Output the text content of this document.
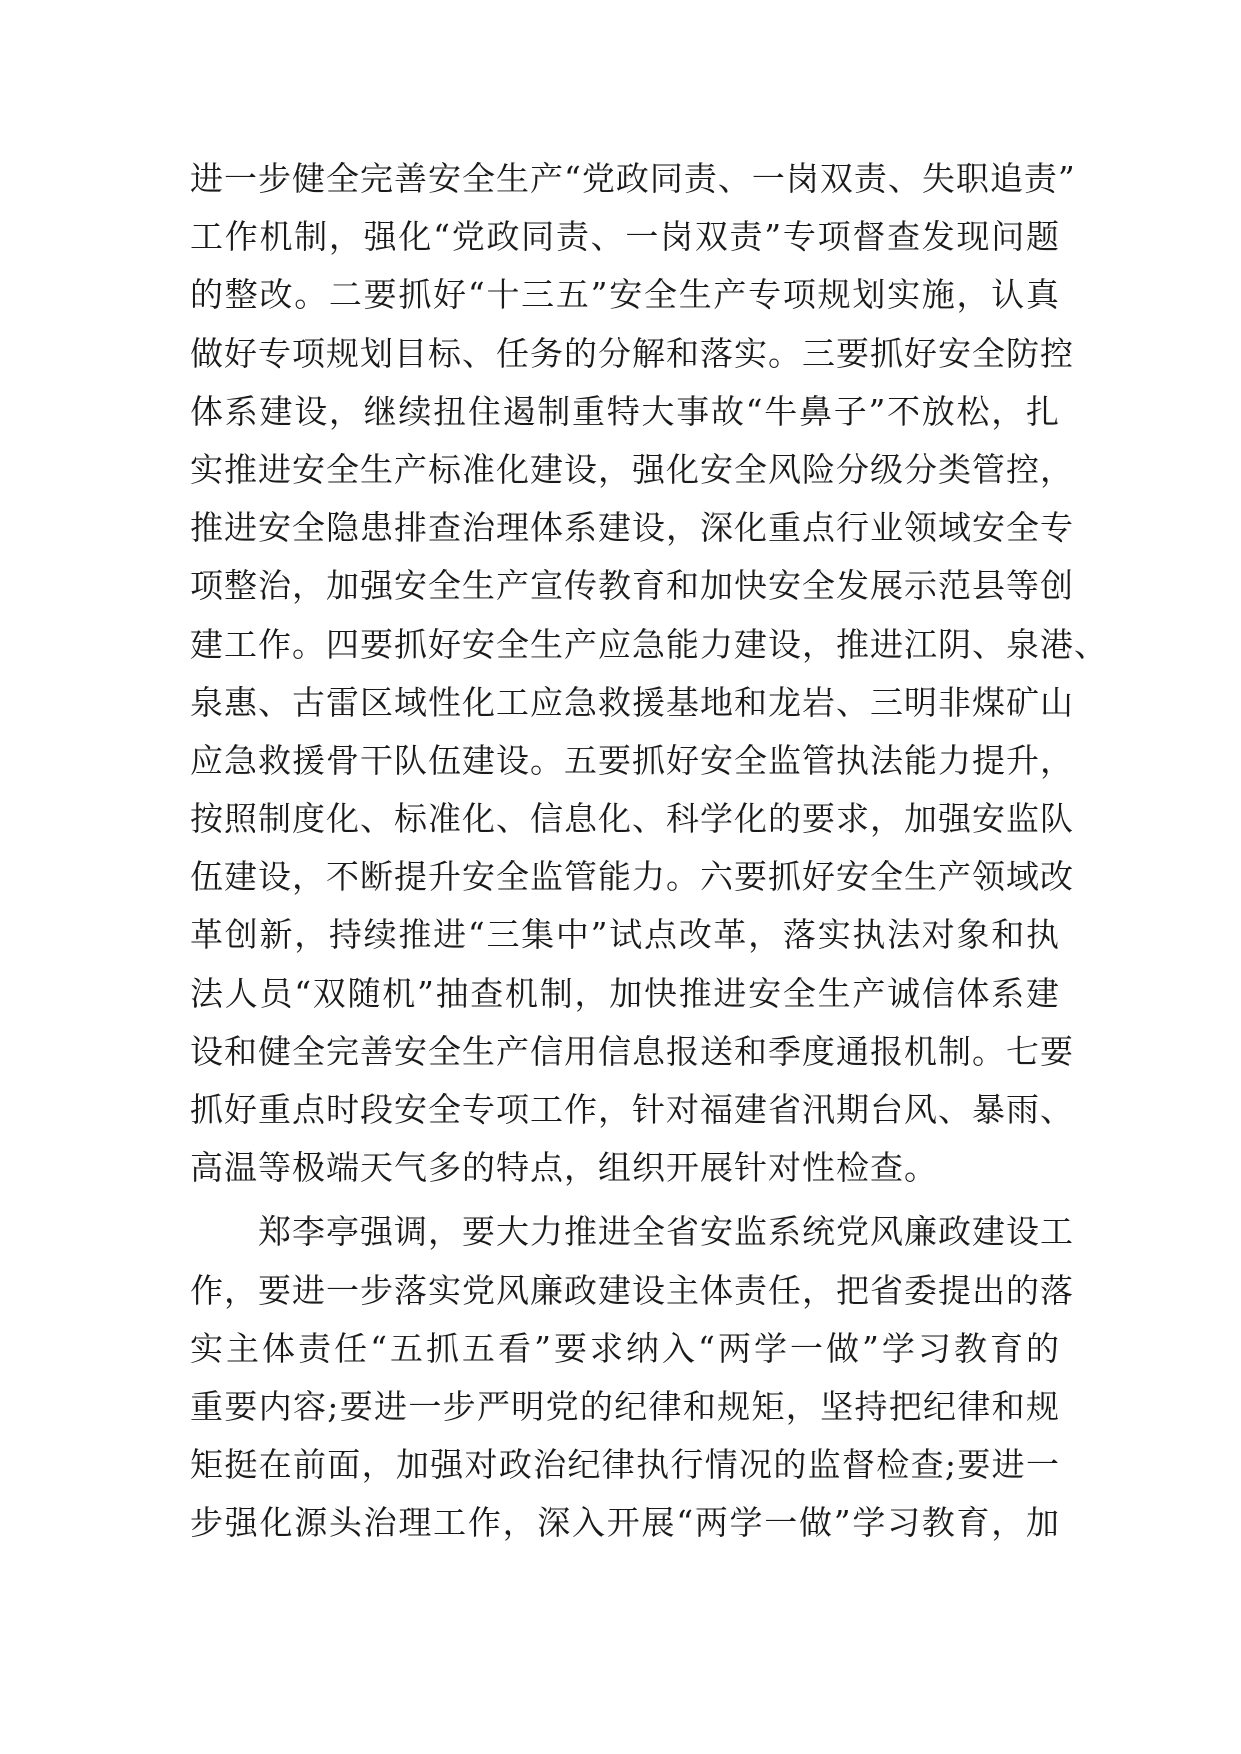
进一步健全完善安全生产“党政同责、一岗双责、失职追责”
工作机制，强化“党政同责、一岗双责”专项督查发现问题
的整改。二要抓好“十三五”安全生产专项规划实施，认真
做好专项规划目标、任务的分解和落实。三要抓好安全防控
体系建设，继续扭住遏制重特大事故“牛鼻子”不放松，扎
实推进安全生产标准化建设，强化安全风险分级分类管控，
推进安全隐患排查治理体系建设，深化重点行业领域安全专
项整治，加强安全生产宣传教育和加快安全发展示范县等创
建工作。四要抓好安全生产应急能力建设，推进江阴、泉港、
泉惠、古雷区域性化工应急救援基地和龙岩、三明非煤矿山
应急救援骨干队伍建设。五要抓好安全监管执法能力提升，
按照制度化、标准化、信息化、科学化的要求，加强安监队
伍建设，不断提升安全监管能力。六要抓好安全生产领域改
革创新，持续推进“三集中”试点改革，落实执法对象和执
法人员“双随机”抽查机制，加快推进安全生产诚信体系建
设和健全完善安全生产信用信息报送和季度通报机制。七要
抓好重点时段安全专项工作，针对福建省汛期台风、暴雨、
高温等极端天气多的特点，组织开展针对性检查。
郑李亭强调，要大力推进全省安监系统党风廉政建设工
作，要进一步落实党风廉政建设主体责任，把省委提出的落
实主体责任“五抓五看”要求纳入“两学一做”学习教育的
重要内容;要进一步严明党的纪律和规矩，坚持把纪律和规
矩挺在前面，加强对政治纪律执行情况的监督检查;要进一
步强化源头治理工作，深入开展“两学一做”学习教育，加
